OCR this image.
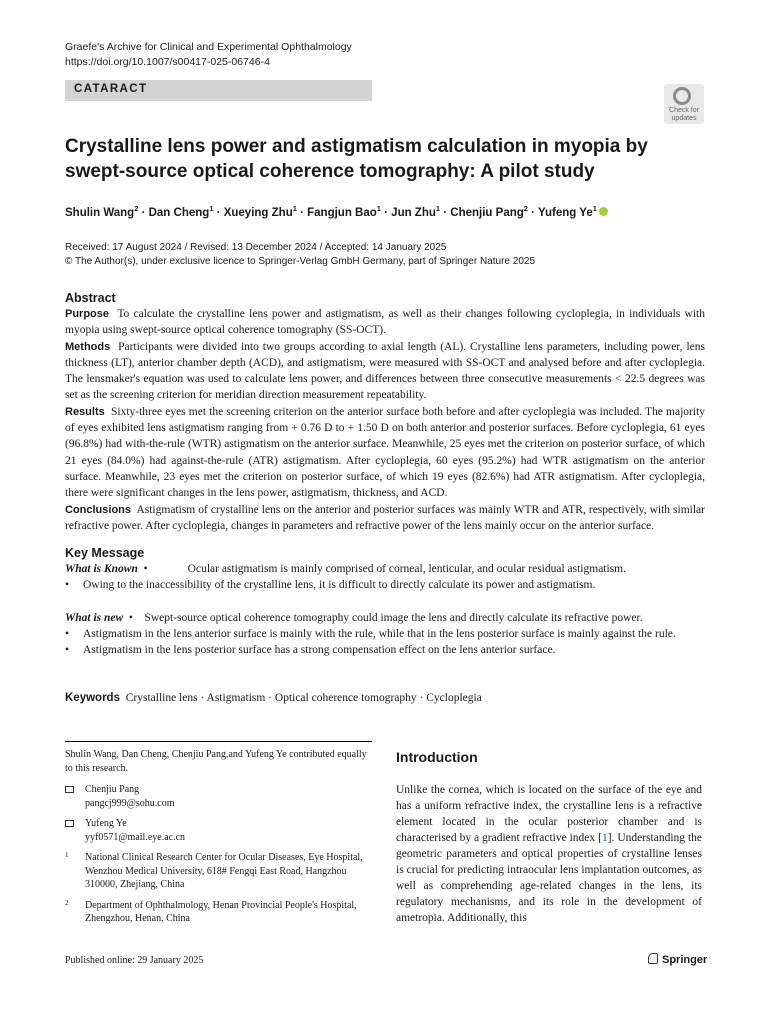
Graefe's Archive for Clinical and Experimental Ophthalmology
https://doi.org/10.1007/s00417-025-06746-4
CATARACT
Check for
updates
Crystalline lens power and astigmatism calculation in myopia by swept-source optical coherence tomography: A pilot study
Shulin Wang$^2$ · Dan Cheng$^1$ · Xueying Zhu$^1$ · Fangjun Bao$^1$ · Jun Zhu$^1$ · Chenjiu Pang$^2$ · Yufeng Ye$^1$
Received: 17 August 2024 / Revised: 13 December 2024 / Accepted: 14 January 2025
© The Author(s), under exclusive licence to Springer-Verlag GmbH Germany, part of Springer Nature 2025
Abstract

Purpose To calculate the crystalline lens power and astigmatism, as well as their changes following cycloplegia, in individuals with myopia using swept-source optical coherence tomography (SS-OCT).

Methods Participants were divided into two groups according to axial length (AL). Crystalline lens parameters, including power, lens thickness (LT), anterior chamber depth (ACD), and astigmatism, were measured with SS-OCT and analysed before and after cycloplegia. The lensmaker's equation was used to calculate lens power, and differences between three consecutive measurements < 22.5 degrees was set as the screening criterion for meridian direction measurement repeatability.

Results Sixty-three eyes met the screening criterion on the anterior surface both before and after cycloplegia was included. The majority of eyes exhibited lens astigmatism ranging from + 0.76 D to + 1.50 D on both anterior and posterior surfaces. Before cycloplegia, 61 eyes (96.8%) had with-the-rule (WTR) astigmatism on the anterior surface. Meanwhile, 25 eyes met the criterion on posterior surface, of which 21 eyes (84.0%) had against-the-rule (ATR) astigmatism. After cycloplegia, 60 eyes (95.2%) had WTR astigmatism on the anterior surface. Meanwhile, 23 eyes met the criterion on posterior surface, of which 19 eyes (82.6%) had ATR astigmatism. After cycloplegia, there were significant changes in the lens power, astigmatism, thickness, and ACD.

Conclusions Astigmatism of crystalline lens on the anterior and posterior surfaces was mainly WTR and ATR, respectively, with similar refractive power. After cycloplegia, changes in parameters and refractive power of the lens mainly occur on the anterior surface.

Key Message

What is Known •	Ocular astigmatism is mainly comprised of corneal, lenticular, and ocular residual astigmatism.

• Owing to the inaccessibility of the crystalline lens, it is difficult to directly calculate its power and astigmatism.

What is new • Swept-source optical coherence tomography could image the lens and directly calculate its refractive power.

• Astigmatism in the lens anterior surface is mainly with the rule, while that in the lens posterior surface is mainly against the rule.

• Astigmatism in the lens posterior surface has a strong compensation effect on the lens anterior surface.

Keywords Crystalline lens · Astigmatism · Optical coherence tomography · Cycloplegia

Shulin Wang, Dan Cheng, Chenjiu Pang,and Yufeng Ye contributed equally to this research.

Chenjiu Pang
pangcj999@sohu.com
Yufeng Ye
yyf0571@mail.eye.ac.cn
1 National Clinical Research Center for Ocular Diseases, Eye Hospital, Wenzhou Medical University, 618# Fengqi East Road, Hangzhou 310000, Zhejiang, China
2 Department of Ophthalmology, Henan Provincial People's Hospital, Zhengzhou, Henan, China
Introduction

Unlike the cornea, which is located on the surface of the eye and has a uniform refractive index, the crystalline lens is a refractive element located in the ocular posterior chamber and is characterised by a gradient refractive index [1]. Understanding the geometric parameters and optical properties of crystalline lenses is crucial for predicting intraocular lens implantation outcomes, as well as comprehending age-related changes in the lens, its regulatory mechanisms, and its role in the development of ametropia. Additionally, this

Published online: 29 January 2025	Springer
